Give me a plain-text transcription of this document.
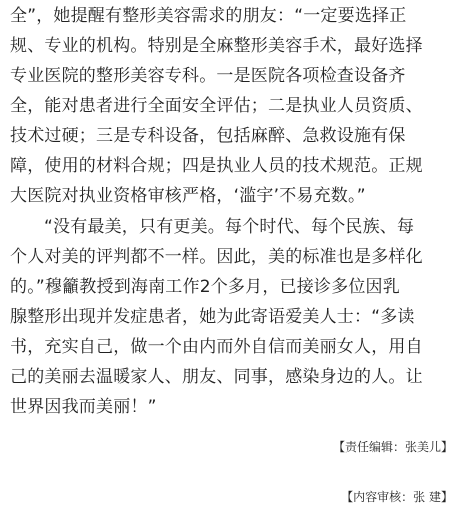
全”，她提醒有整形美容需求的朋友：“一定要选择正
规、专业的机构。特别是全麻整形美容手术，最好选择
专业医院的整形美容专科。一是医院各项检查设备齐
全，能对患者进行全面安全评估；二是执业人员资质、
技术过硬；三是专科设备，包括麻醉、急救设施有保
障，使用的材料合规；四是执业人员的技术规范。正规
大医院对执业资格审核严格，‘滥宇’不易充数。”
“没有最美，只有更美。每个时代、每个民族、每
个人对美的评判都不一样。因此，美的标准也是多样化
的。”穆籲教授到海南工作2个多月，已接诊多位因乳
腺整形出现并发症患者，她为此寄语爱美人士：“多读
书，充实自己，做一个由内而外自信而美丽女人，用自
己的美丽去温暖家人、朋友、同事，感染身边的人。让
世界因我而美丽！”
【责任编辑：张美儿】
【内容审核：张 建】
